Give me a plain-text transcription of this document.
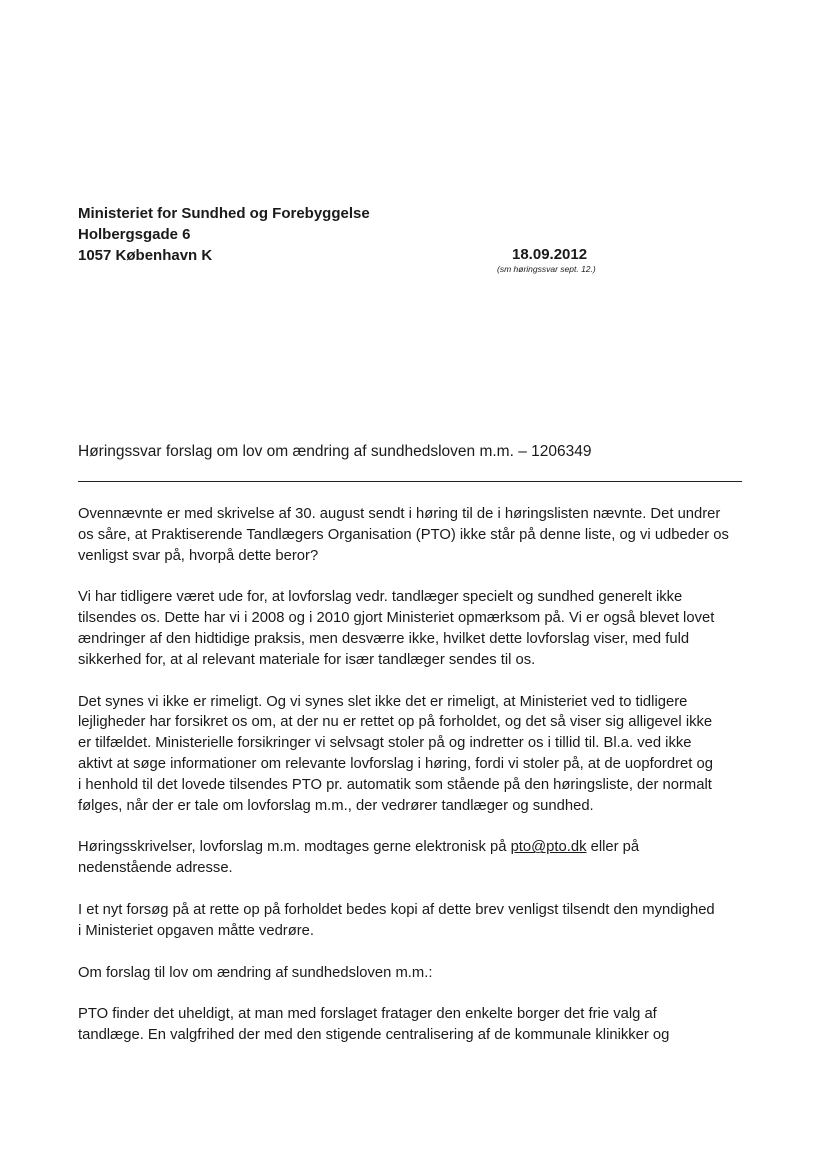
Ministeriet for Sundhed og Forebyggelse
Holbergsgade 6
1057 København K	18.09.2012
(sm høringssvar sept. 12.)
Høringssvar forslag om lov om ændring af sundhedsloven m.m. – 1206349

Ovennævnte er med skrivelse af 30. august sendt i høring til de i høringslisten nævnte. Det undrer
os såre, at Praktiserende Tandlægers Organisation (PTO) ikke står på denne liste, og vi udbeder os
venligst svar på, hvorpå dette beror?

Vi har tidligere været ude for, at lovforslag vedr. tandlæger specielt og sundhed generelt ikke
tilsendes os. Dette har vi i 2008 og i 2010 gjort Ministeriet opmærksom på. Vi er også blevet lovet
ændringer af den hidtidige praksis, men desværre ikke, hvilket dette lovforslag viser, med fuld
sikkerhed for, at al relevant materiale for især tandlæger sendes til os.

Det synes vi ikke er rimeligt. Og vi synes slet ikke det er rimeligt, at Ministeriet ved to tidligere
lejligheder har forsikret os om, at der nu er rettet op på forholdet, og det så viser sig alligevel ikke
er tilfældet. Ministerielle forsikringer vi selvsagt stoler på og indretter os i tillid til. Bl.a. ved ikke
aktivt at søge informationer om relevante lovforslag i høring, fordi vi stoler på, at de uopfordret og
i henhold til det lovede tilsendes PTO pr. automatik som stående på den høringsliste, der normalt
følges, når der er tale om lovforslag m.m., der vedrører tandlæger og sundhed.

Høringsskrivelser, lovforslag m.m. modtages gerne elektronisk på pto@pto.dk eller på
nedenstående adresse.

I et nyt forsøg på at rette op på forholdet bedes kopi af dette brev venligst tilsendt den myndighed
i Ministeriet opgaven måtte vedrøre.

Om forslag til lov om ændring af sundhedsloven m.m.:

PTO finder det uheldigt, at man med forslaget fratager den enkelte borger det frie valg af
tandlæge. En valgfrihed der med den stigende centralisering af de kommunale klinikker og
